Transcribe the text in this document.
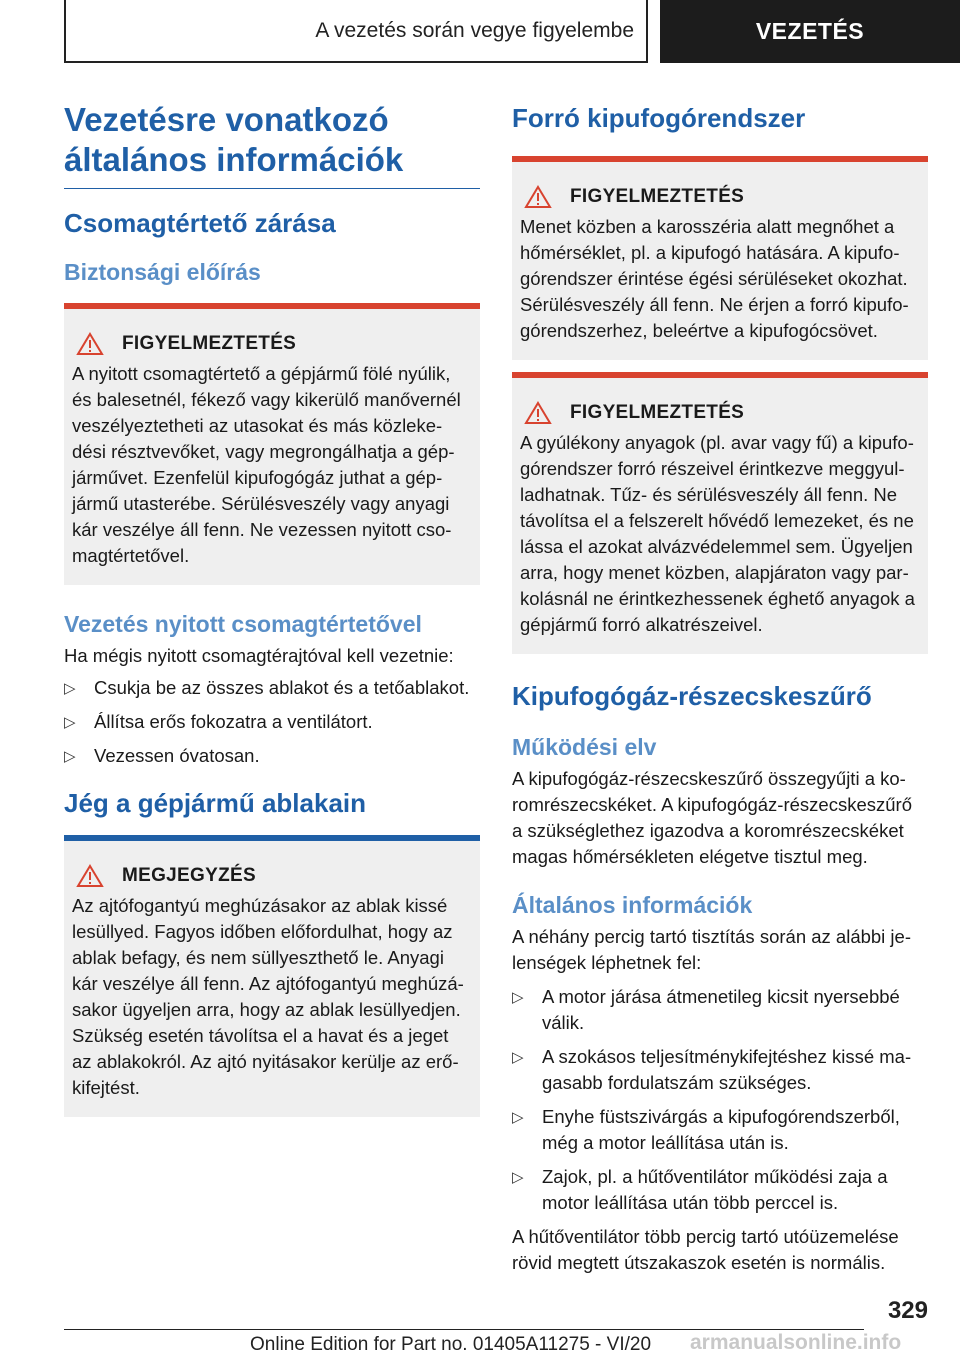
A vezetés során vegye figyelembe	VEZETÉS
Vezetésre vonatkozó
általános információk
Csomagtértető zárása
Biztonsági előírás
FIGYELMEZTETÉS
A nyitott csomagtértető a gépjármű fölé nyúlik,
és balesetnél, fékező vagy kikerülő manővernél
veszélyeztetheti az utasokat és más közleke-
dési résztvevőket, vagy megrongálhatja a gép-
járművet. Ezenfelül kipufogógáz juthat a gép-
jármű utasterébe. Sérülésveszély vagy anyagi
kár veszélye áll fenn. Ne vezessen nyitott cso-
magtértetővel.
Vezetés nyitott csomagtértetővel

Ha mégis nyitott csomagtérajtóval kell vezetnie:

▷ Csukja be az összes ablakot és a tetőablakot.
▷ Állítsa erős fokozatra a ventilátort.
▷ Vezessen óvatosan.
Jég a gépjármű ablakain
MEGJEGYZÉS
Az ajtófogantyú meghúzásakor az ablak kissé
lesüllyed. Fagyos időben előfordulhat, hogy az
ablak befagy, és nem süllyeszthető le. Anyagi
kár veszélye áll fenn. Az ajtófogantyú meghúzá-
sakor ügyeljen arra, hogy az ablak lesüllyedjen.
Szükség esetén távolítsa el a havat és a jeget
az ablakokról. Az ajtó nyitásakor kerülje az erő-
kifejtést.
Forró kipufogórendszer
FIGYELMEZTETÉS
Menet közben a karosszéria alatt megnőhet a
hőmérséklet, pl. a kipufogó hatására. A kipufo-
górendszer érintése égési sérüléseket okozhat.
Sérülésveszély áll fenn. Ne érjen a forró kipufo-
górendszerhez, beleértve a kipufogócsövet.
FIGYELMEZTETÉS
A gyúlékony anyagok (pl. avar vagy fű) a kipufo-
górendszer forró részeivel érintkezve meggyul-
ladhatnak. Tűz- és sérülésveszély áll fenn. Ne
távolítsa el a felszerelt hővédő lemezeket, és ne
lássa el azokat alvázvédelemmel sem. Ügyeljen
arra, hogy menet közben, alapjáraton vagy par-
kolásnál ne érintkezhessenek éghető anyagok a
gépjármű forró alkatrészeivel.
Kipufogógáz-részecskeszűrő
Működési elv
A kipufogógáz-részecskeszűrő összegyűjti a ko-
romrészecskéket. A kipufogógáz-részecskeszűrő
a szükséglethez igazodva a koromrészecskéket
magas hőmérsékleten elégetve tisztul meg.
Általános információk
A néhány percig tartó tisztítás során az alábbi je-
lenségek léphetnek fel:
▷ A motor járása átmenetileg kicsit nyersebbé
válik.
▷ A szokásos teljesítménykifejtéshez kissé ma-
gasabb fordulatszám szükséges.
▷ Enyhe füstszivárgás a kipufogórendszerből,
még a motor leállítása után is.
▷ Zajok, pl. a hűtőventilátor működési zaja a
motor leállítása után több perccel is.
A hűtőventilátor több percig tartó utóüzemelése
rövid megtett útszakaszok esetén is normális.
329
Online Edition for Part no. 01405A11275 - VI/20	armanualsonline.info
